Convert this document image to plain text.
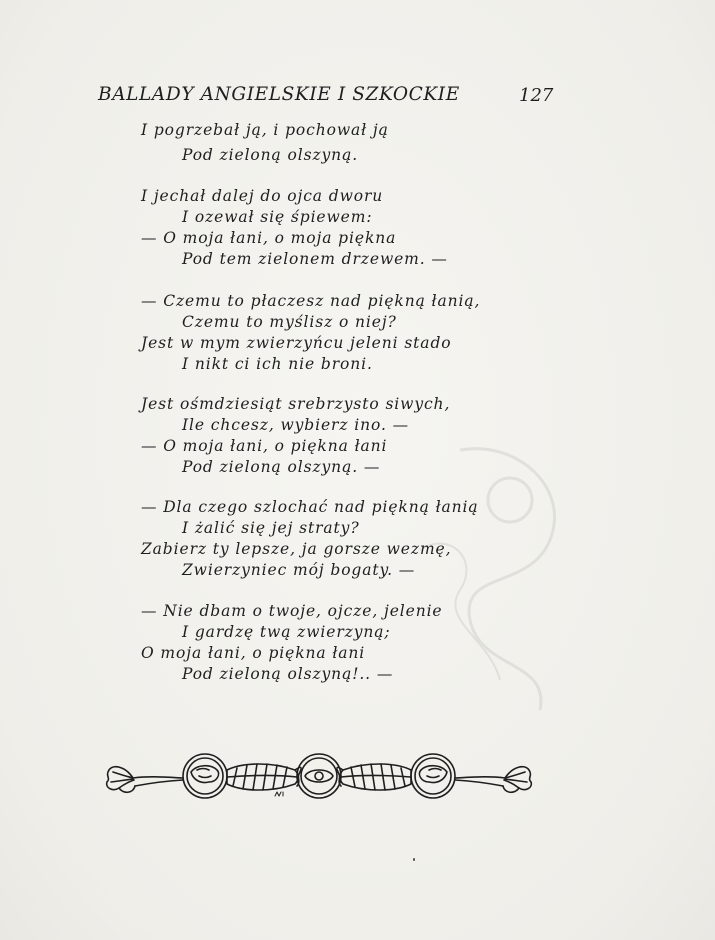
BALLADY ANGIELSKIE I SZKOCKIE	127
I pogrzebał ją, i pochował ją
Pod zieloną olszyną.
I jechał dalej do ojca dworu
I ozewał się śpiewem:
— O moja łani, o moja piękna
Pod tem zielonem drzewem. —
— Czemu to płaczesz nad piękną łanią,
Czemu to myślisz o niej?
Jest w mym zwierzyńcu jeleni stado
I nikt ci ich nie broni.
Jest ośmdziesiąt srebrzysto siwych,
Ile chcesz, wybierz ino. —
— O moja łani, o piękna łani
Pod zieloną olszyną. —
— Dla czego szlochać nad piękną łanią
I żalić się jej straty?
Zabierz ty lepsze, ja gorsze wezmę,
Zwierzyniec mój bogaty. —
— Nie dbam o twoje, ojcze, jelenie
I gardzę twą zwierzyną;
O moja łani, o piękna łani
Pod zieloną olszyną!.. —
